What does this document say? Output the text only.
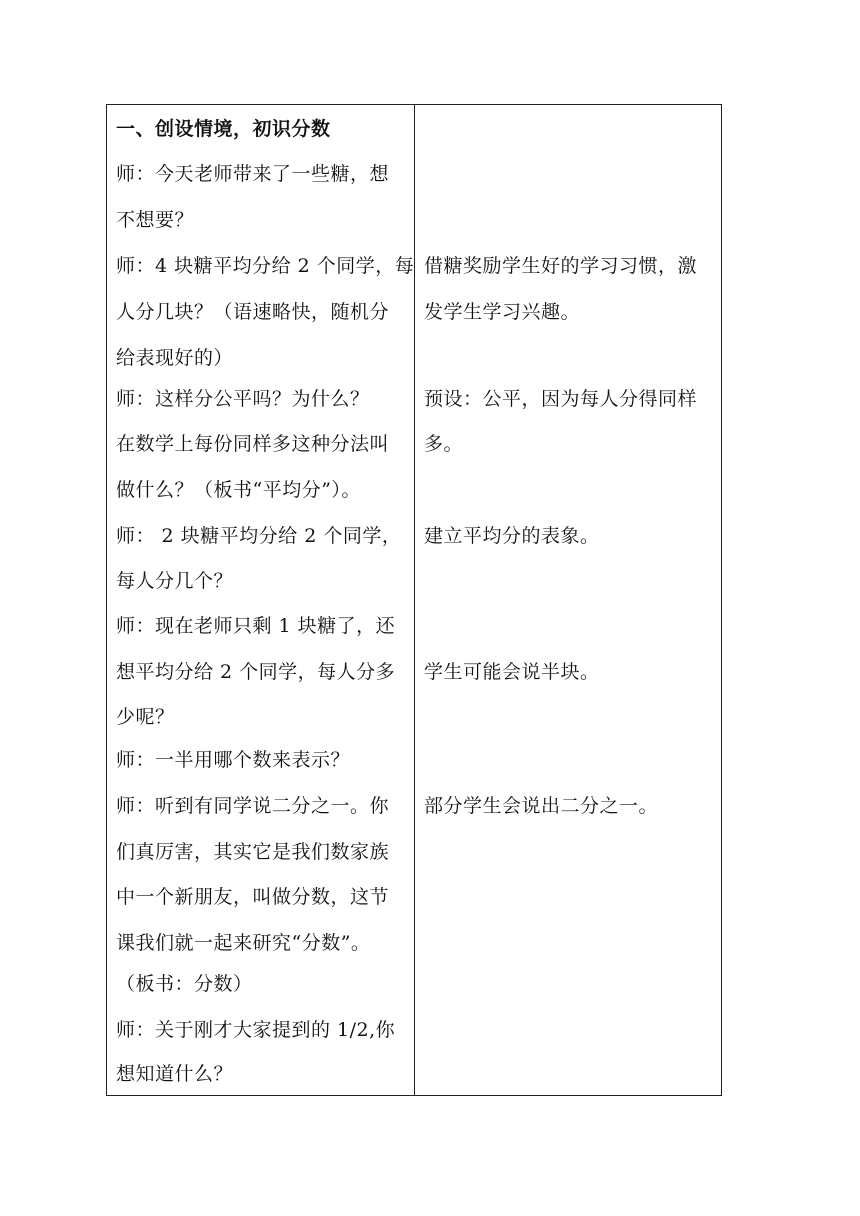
一、创设情境，初识分数
师：今天老师带来了一些糖，想
不想要？
师：4 块糖平均分给 2 个同学，每
人分几块？（语速略快，随机分
给表现好的）
师：这样分公平吗？为什么？
在数学上每份同样多这种分法叫
做什么？（板书“平均分”）。
师： 2 块糖平均分给 2 个同学，
每人分几个？
师：现在老师只剩 1 块糖了，还
想平均分给 2 个同学，每人分多
少呢？
师：一半用哪个数来表示？
师：听到有同学说二分之一。你
们真厉害，其实它是我们数家族
中一个新朋友，叫做分数，这节
课我们就一起来研究“分数”。
（板书：分数）
师：关于刚才大家提到的 1/2,你
想知道什么？
借糖奖励学生好的学习习惯，激
发学生学习兴趣。
预设：公平，因为每人分得同样
多。
建立平均分的表象。
学生可能会说半块。
部分学生会说出二分之一。
